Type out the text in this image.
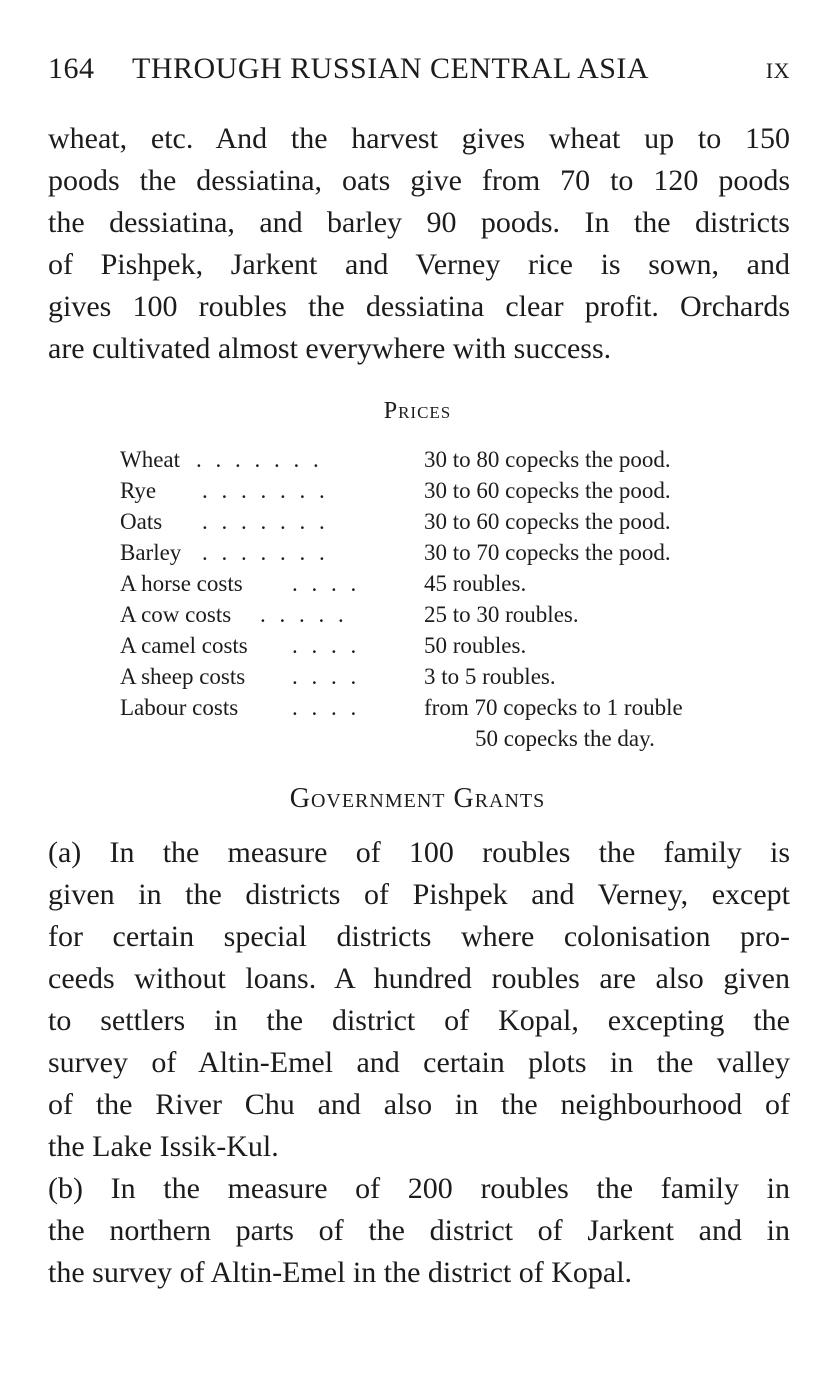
164 THROUGH RUSSIAN CENTRAL ASIA	IX
wheat, etc. And the harvest gives wheat up to 150
poods the dessiatina, oats give from 70 to 120 poods
the dessiatina, and barley 90 poods. In the districts
of Pishpek, Jarkent and Verney rice is sown, and
gives 100 roubles the dessiatina clear profit. Orchards
are cultivated almost everywhere with success.
Prices
Wheat . . . . . . .	30 to 80 copecks the pood.
Rye . . . . . . .	30 to 60 copecks the pood.
Oats . . . . . . .	30 to 60 copecks the pood.
Barley . . . . . . .	30 to 70 copecks the pood.
A horse costs . . . .	45 roubles.
A cow costs . . . . .	25 to 30 roubles.
A camel costs . . . .	50 roubles.
A sheep costs . . . .	3 to 5 roubles.
Labour costs . . . .	from 70 copecks to 1 rouble
50 copecks the day.
Government Grants
(a) In the measure of 100 roubles the family is
given in the districts of Pishpek and Verney, except
for certain special districts where colonisation pro-
ceeds without loans. A hundred roubles are also given
to settlers in the district of Kopal, excepting the
survey of Altin-Emel and certain plots in the valley
of the River Chu and also in the neighbourhood of
the Lake Issik-Kul.
(b) In the measure of 200 roubles the family in
the northern parts of the district of Jarkent and in
the survey of Altin-Emel in the district of Kopal.
